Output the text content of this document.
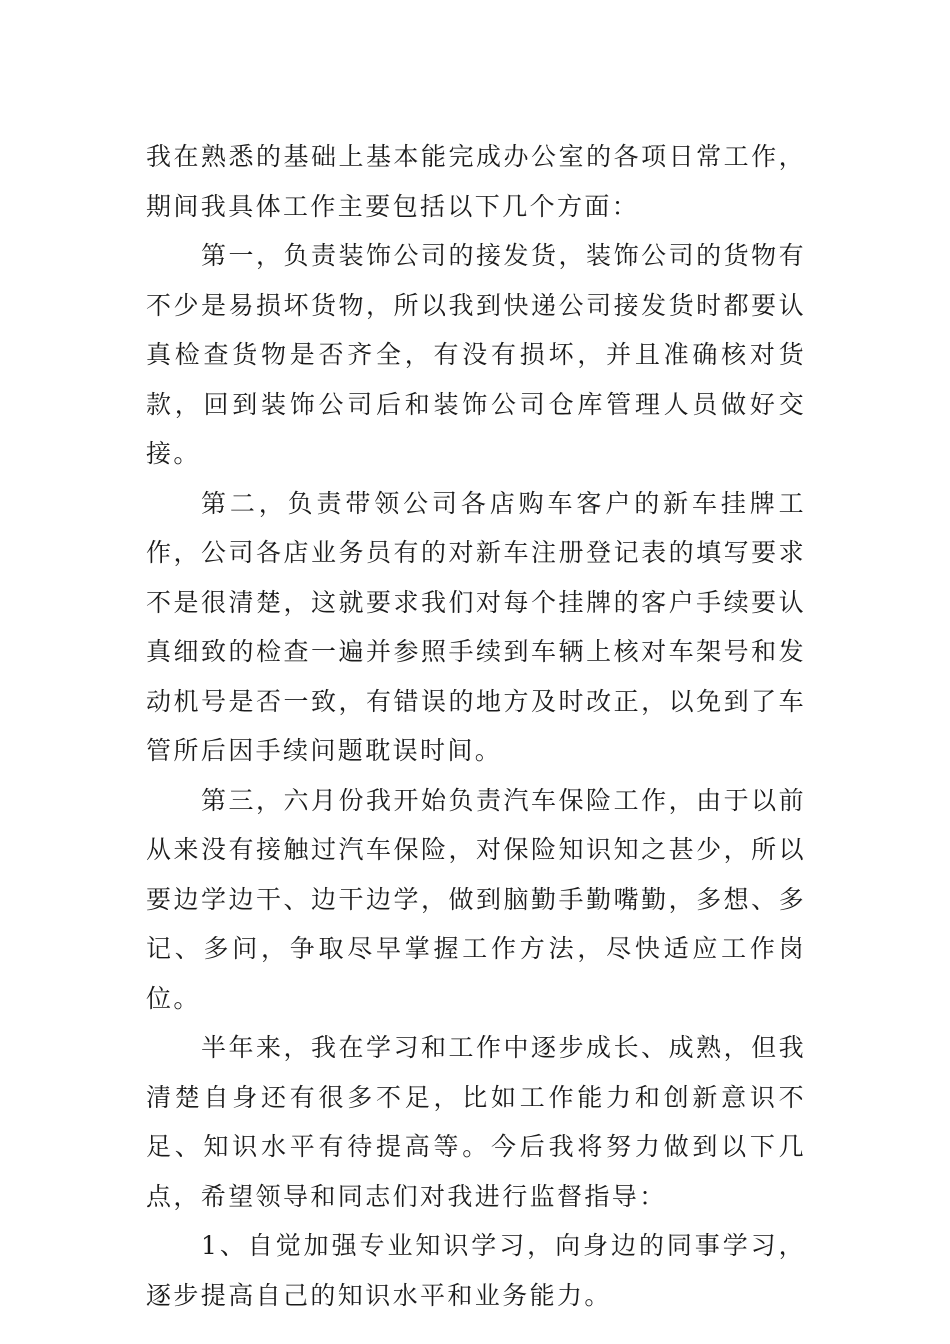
我在熟悉的基础上基本能完成办公室的各项日常工作，期间我具体工作主要包括以下几个方面：

第一，负责装饰公司的接发货，装饰公司的货物有不少是易损坏货物，所以我到快递公司接发货时都要认真检查货物是否齐全，有没有损坏，并且准确核对货款，回到装饰公司后和装饰公司仓库管理人员做好交接。

第二，负责带领公司各店购车客户的新车挂牌工作，公司各店业务员有的对新车注册登记表的填写要求不是很清楚，这就要求我们对每个挂牌的客户手续要认真细致的检查一遍并参照手续到车辆上核对车架号和发动机号是否一致，有错误的地方及时改正，以免到了车管所后因手续问题耽误时间。

第三，六月份我开始负责汽车保险工作，由于以前从来没有接触过汽车保险，对保险知识知之甚少，所以要边学边干、边干边学，做到脑勤手勤嘴勤，多想、多记、多问，争取尽早掌握工作方法，尽快适应工作岗位。

半年来，我在学习和工作中逐步成长、成熟，但我清楚自身还有很多不足，比如工作能力和创新意识不足、知识水平有待提高等。今后我将努力做到以下几点，希望领导和同志们对我进行监督指导：

1、自觉加强专业知识学习，向身边的同事学习，逐步提高自己的知识水平和业务能力。
